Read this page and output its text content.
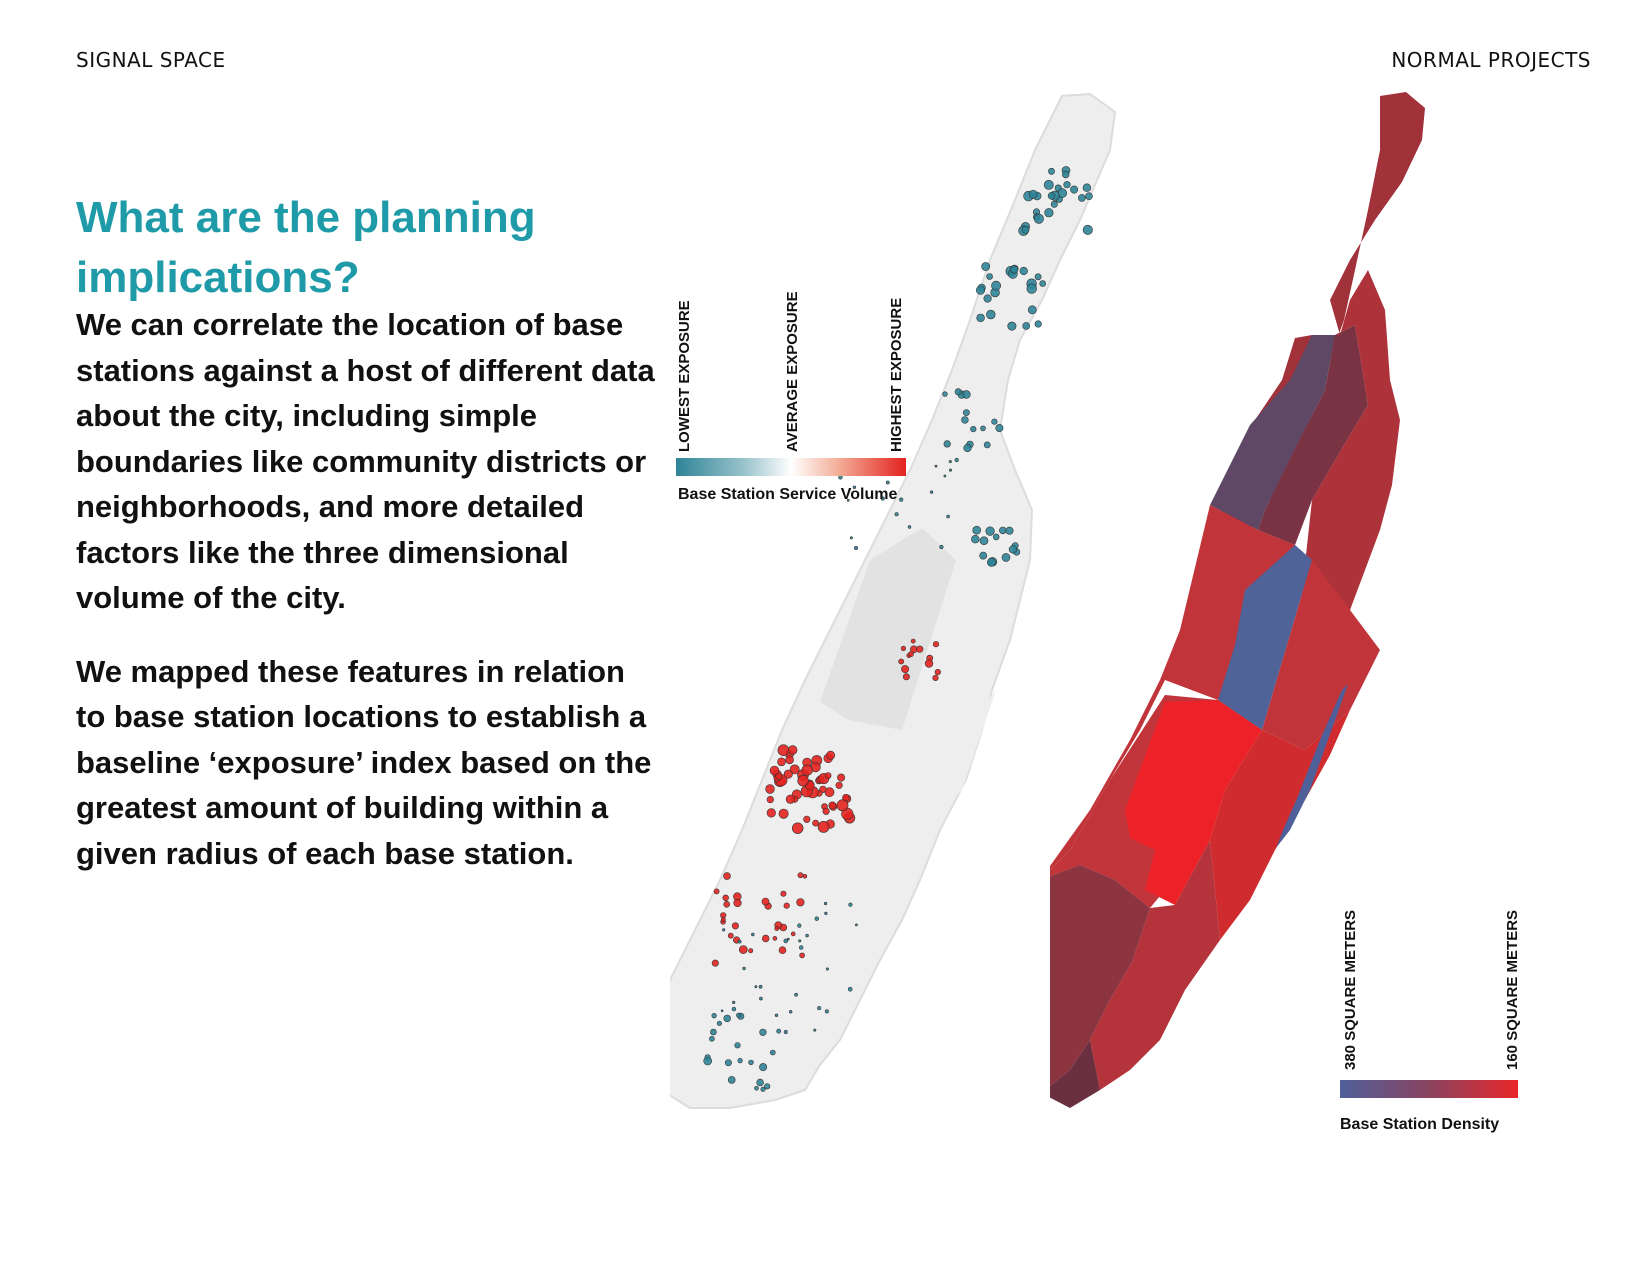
SIGNAL SPACE	NORMAL PROJECTS
What are the planning implications?

We can correlate the location of base stations against a host of different data about the city, including simple boundaries like community districts or neighborhoods, and more detailed factors like the three dimensional volume of the city.

We mapped these features in relation to base station locations to establish a baseline ‘exposure’ index based on the greatest amount of building within a given radius of each base station.

LOWEST EXPOSURE	AVERAGE EXPOSURE	HIGHEST EXPOSURE
Base Station Service Volume
380 SQUARE METERS	160 SQUARE METERS
Base Station Density
